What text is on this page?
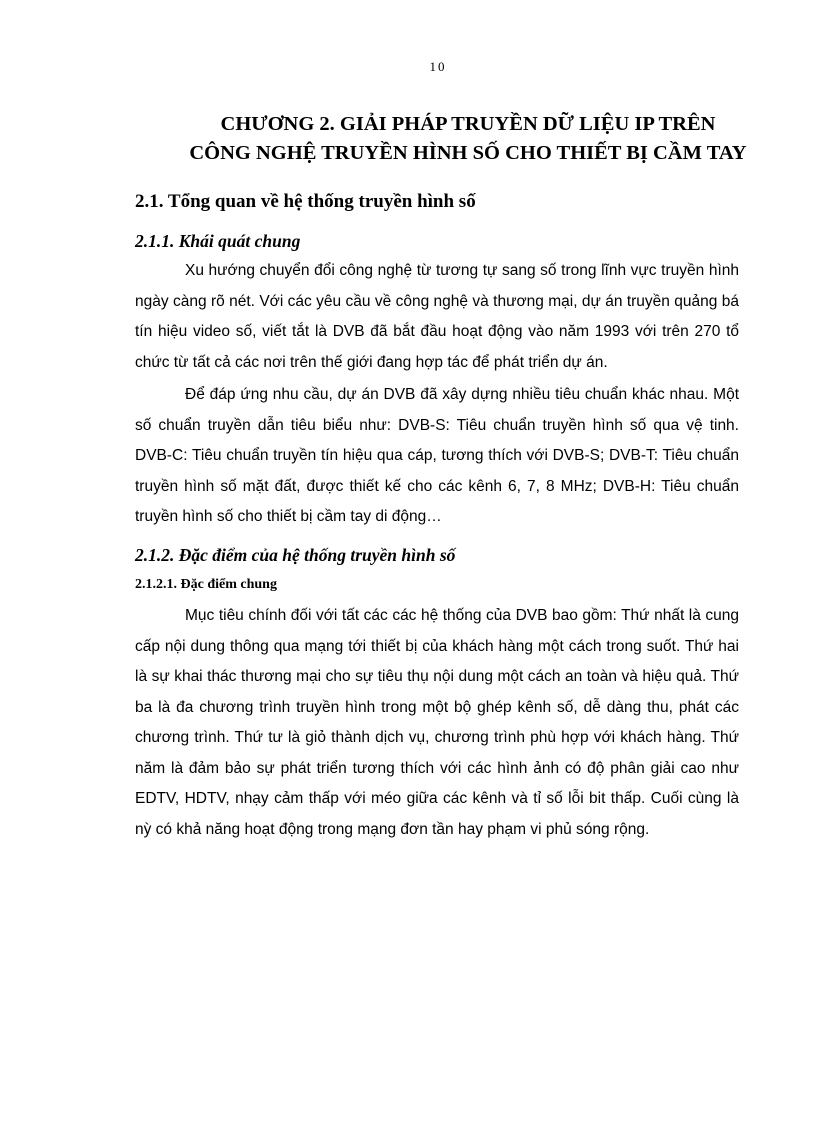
10
CHƯƠNG 2. GIẢI PHÁP TRUYỀN DỮ LIỆU IP TRÊN
CÔNG NGHỆ TRUYỀN HÌNH SỐ CHO THIẾT BỊ CẦM TAY
2.1. Tổng quan về hệ thống truyền hình số
2.1.1. Khái quát chung

Xu hướng chuyển đổi công nghệ từ tương tự sang số trong lĩnh vực truyền hình ngày càng rõ nét. Với các yêu cầu về công nghệ và thương mại, dự án truyền quảng bá tín hiệu video số, viết tắt là DVB đã bắt đầu hoạt động vào năm 1993 với trên 270 tổ chức từ tất cả các nơi trên thế giới đang hợp tác để phát triển dự án.

Để đáp ứng nhu cầu, dự án DVB đã xây dựng nhiều tiêu chuẩn khác nhau. Một số chuẩn truyền dẫn tiêu biểu như: DVB-S: Tiêu chuẩn truyền hình số qua vệ tinh. DVB-C: Tiêu chuẩn truyền tín hiệu qua cáp, tương thích với DVB-S; DVB-T: Tiêu chuẩn truyền hình số mặt đất, được thiết kế cho các kênh 6, 7, 8 MHz; DVB-H: Tiêu chuẩn truyền hình số cho thiết bị cầm tay di động…

2.1.2. Đặc điểm của hệ thống truyền hình số
2.1.2.1. Đặc điểm chung

Mục tiêu chính đối với tất các các hệ thống của DVB bao gồm: Thứ nhất là cung cấp nội dung thông qua mạng tới thiết bị của khách hàng một cách trong suốt. Thứ hai là sự khai thác thương mại cho sự tiêu thụ nội dung một cách an toàn và hiệu quả. Thứ ba là đa chương trình truyền hình trong một bộ ghép kênh số, dễ dàng thu, phát các chương trình. Thứ tư là giỏ thành dịch vụ, chương trình phù hợp với khách hàng. Thứ năm là đảm bảo sự phát triển tương thích với các hình ảnh có độ phân giải cao như EDTV, HDTV, nhạy cảm thấp với méo giữa các kênh và tỉ số lỗi bit thấp. Cuối cùng là nỳ có khả năng hoạt động trong mạng đơn tần hay phạm vi phủ sóng rộng.
